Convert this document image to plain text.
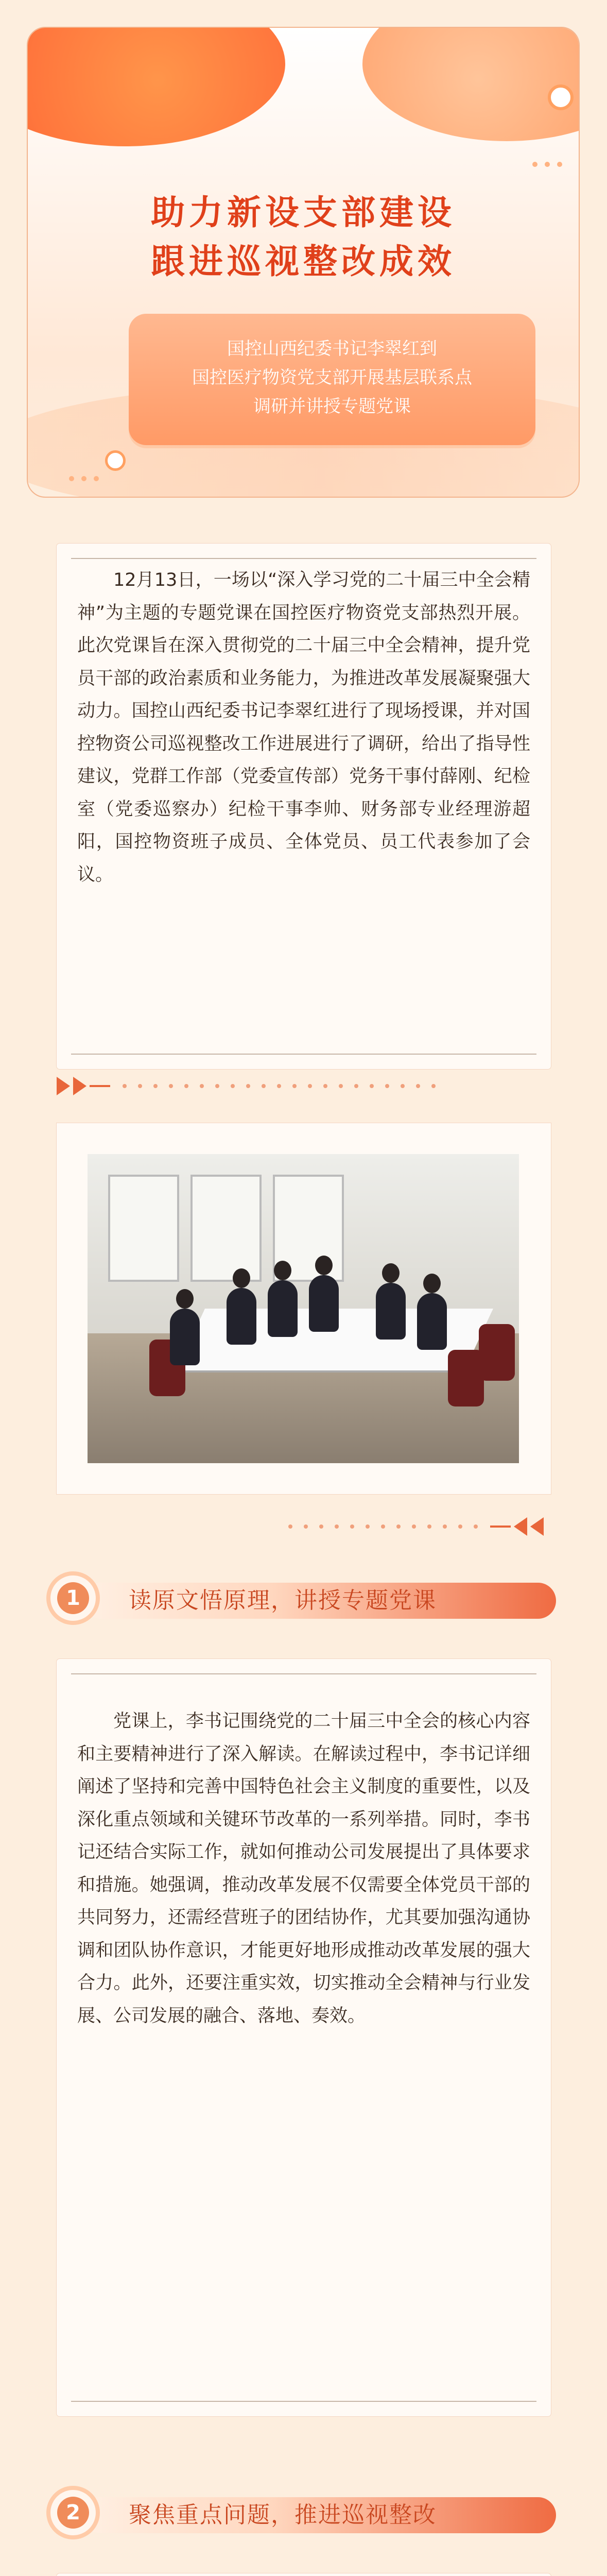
助力新设支部建设
跟进巡视整改成效
国控山西纪委书记李翠红到
国控医疗物资党支部开展基层联系点
调研并讲授专题党课

12月13日，一场以“深入学习党的二十届三中全会精神”为主题的专题党课在国控医疗物资党支部热烈开展。此次党课旨在深入贯彻党的二十届三中全会精神，提升党员干部的政治素质和业务能力，为推进改革发展凝聚强大动力。国控山西纪委书记李翠红进行了现场授课，并对国控物资公司巡视整改工作进展进行了调研，给出了指导性建议，党群工作部（党委宣传部）党务干事付薛刚、纪检室（党委巡察办）纪检干事李帅、财务部专业经理游超阳，国控物资班子成员、全体党员、员工代表参加了会议。

1	读原文悟原理，讲授专题党课

党课上，李书记围绕党的二十届三中全会的核心内容和主要精神进行了深入解读。在解读过程中，李书记详细阐述了坚持和完善中国特色社会主义制度的重要性，以及深化重点领域和关键环节改革的一系列举措。同时，李书记还结合实际工作，就如何推动公司发展提出了具体要求和措施。她强调，推动改革发展不仅需要全体党员干部的共同努力，还需经营班子的团结协作，尤其要加强沟通协调和团队协作意识，才能更好地形成推动改革发展的强大合力。此外，还要注重实效，切实推动全会精神与行业发展、公司发展的融合、落地、奏效。

2	聚焦重点问题，推进巡视整改
